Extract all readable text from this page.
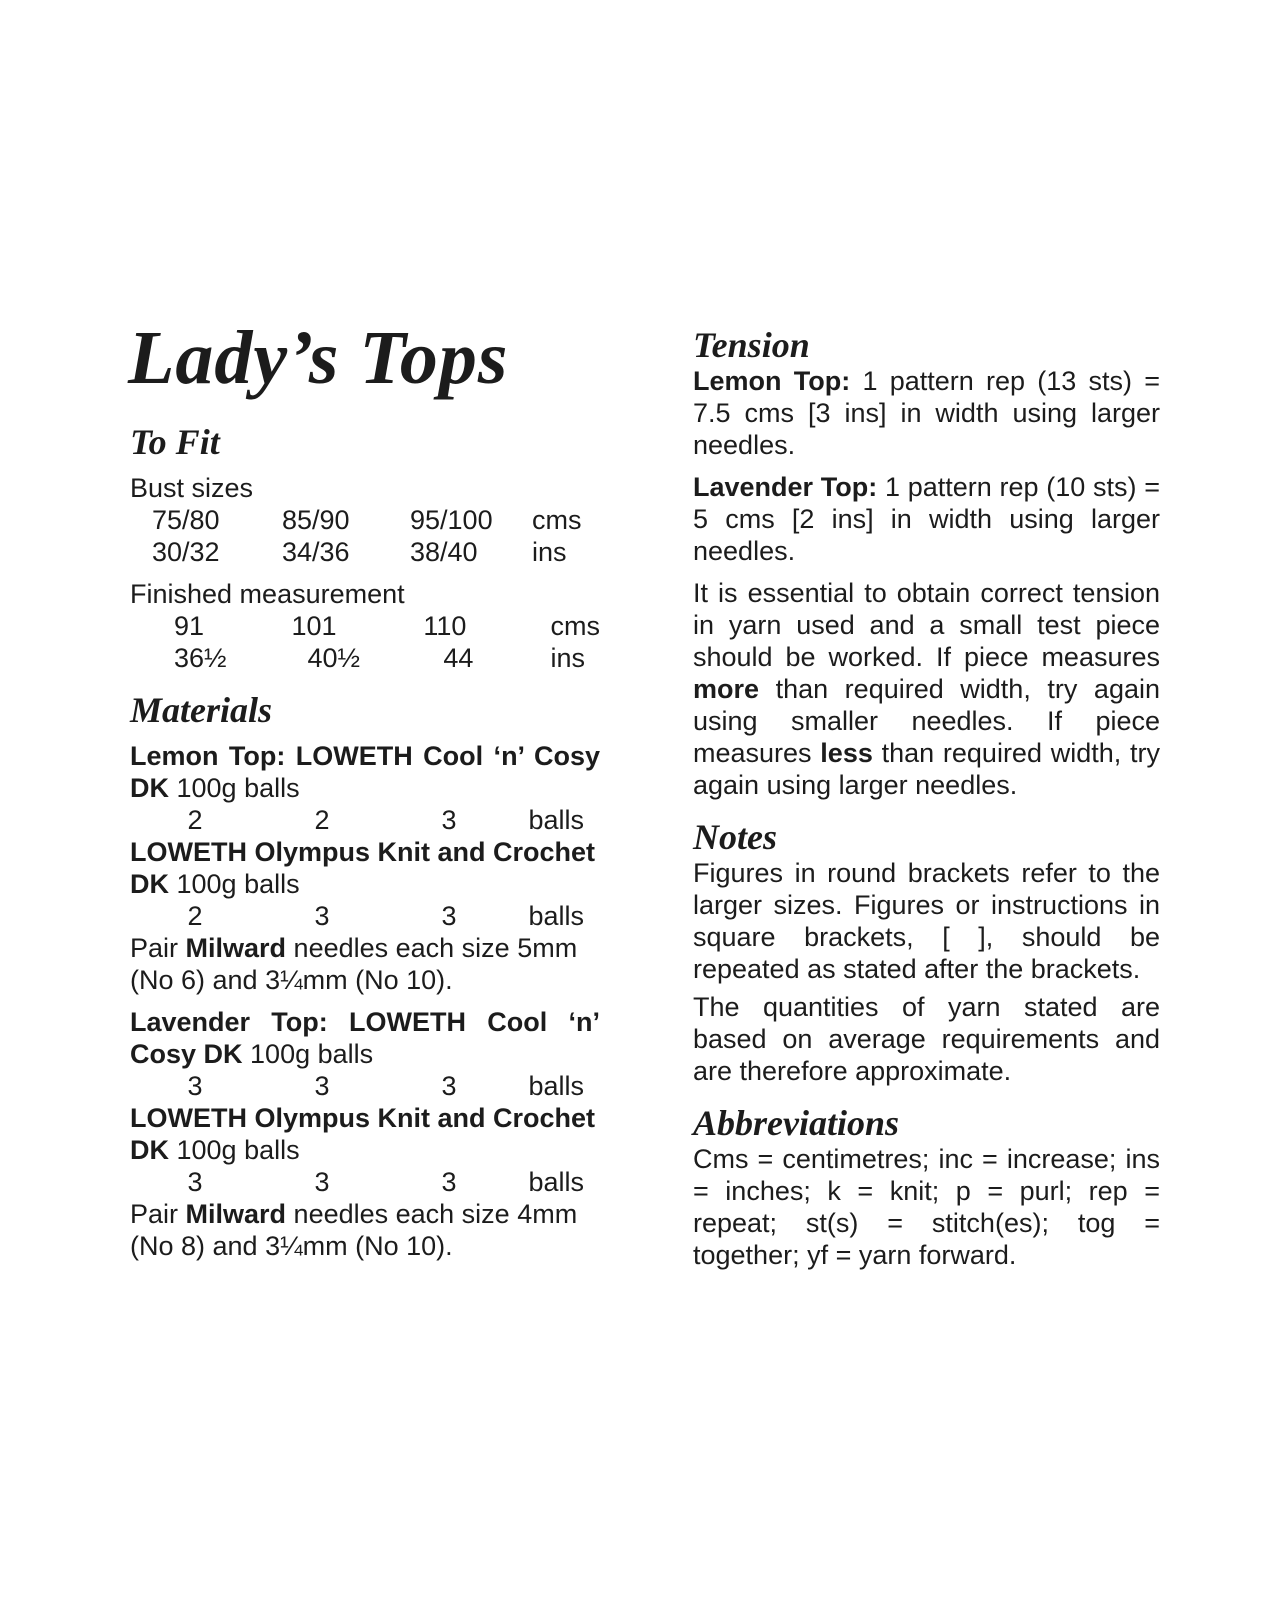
Lady’s Tops
To Fit

Bust sizes

75/80	85/90	95/100	cms
30/32	34/36	38/40	ins

Finished measurement

91	101	110	cms
36½	40½	44	ins
Materials

Lemon Top: LOWETH Cool ‘n’ Cosy DK 100g balls

2	2	3	balls

LOWETH Olympus Knit and Crochet DK 100g balls

2	3	3	balls

Pair Milward needles each size 5mm (No 6) and 3¼mm (No 10).

Lavender Top: LOWETH Cool ‘n’ Cosy DK 100g balls

3	3	3	balls

LOWETH Olympus Knit and Crochet DK 100g balls

3	3	3	balls

Pair Milward needles each size 4mm (No 8) and 3¼mm (No 10).

Tension

Lemon Top: 1 pattern rep (13 sts) = 7.5 cms [3 ins] in width using larger needles.

Lavender Top: 1 pattern rep (10 sts) = 5 cms [2 ins] in width using larger needles.

It is essential to obtain correct tension in yarn used and a small test piece should be worked. If piece measures more than required width, try again using smaller needles. If piece measures less than required width, try again using larger needles.

Notes

Figures in round brackets refer to the larger sizes. Figures or instructions in square brackets, [ ], should be repeated as stated after the brackets.

The quantities of yarn stated are based on average requirements and are therefore approximate.

Abbreviations

Cms = centimetres; inc = increase; ins = inches; k = knit; p = purl; rep = repeat; st(s) = stitch(es); tog = together; yf = yarn forward.
